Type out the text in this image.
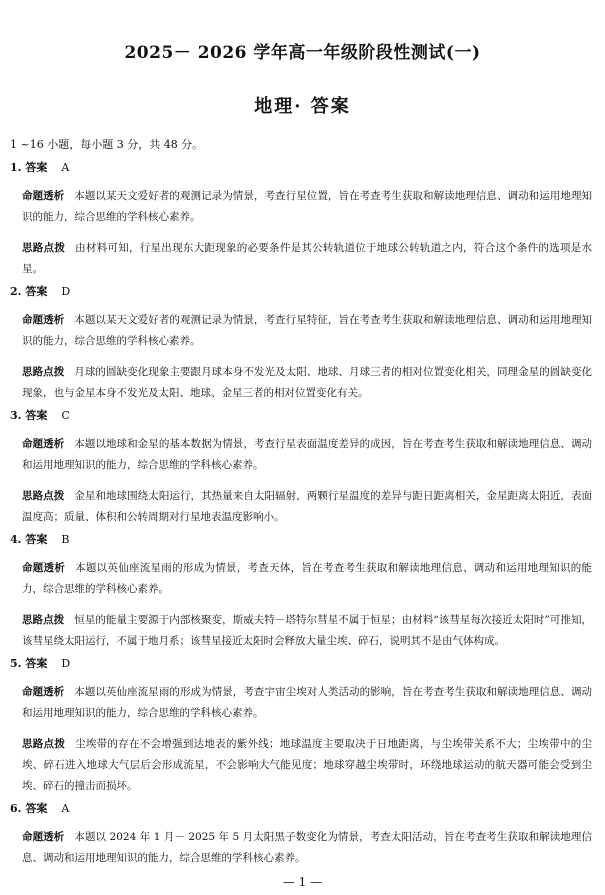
2025－ 2026 学年高一年级阶段性测试(一)
地理· 答案
1 ~16 小题，每小题 3 分，共 48 分。
1. 答案 A

命题透析 本题以某天文爱好者的观测记录为情景，考查行星位置，旨在考查考生获取和解读地理信息、调动和运用地理知识的能力，综合思维的学科核心素养。

思路点拨 由材料可知，行星出现东大距现象的必要条件是其公转轨道位于地球公转轨道之内，符合这个条件的选项是水星。

2. 答案 D

命题透析 本题以某天文爱好者的观测记录为情景，考查行星特征，旨在考查考生获取和解读地理信息、调动和运用地理知识的能力，综合思维的学科核心素养。

思路点拨 月球的圆缺变化现象主要跟月球本身不发光及太阳、地球、月球三者的相对位置变化相关，同理金星的圆缺变化现象，也与金星本身不发光及太阳、地球、金星三者的相对位置变化有关。

3. 答案 C

命题透析 本题以地球和金星的基本数据为情景，考查行星表面温度差异的成因，旨在考查考生获取和解读地理信息、调动和运用地理知识的能力，综合思维的学科核心素养。

思路点拨 金星和地球围绕太阳运行，其热量来自太阳辐射，两颗行星温度的差异与距日距离相关，金星距离太阳近，表面温度高；质量、体积和公转周期对行星地表温度影响小。

4. 答案 B

命题透析 本题以英仙座流星雨的形成为情景，考查天体，旨在考查考生获取和解读地理信息、调动和运用地理知识的能力，综合思维的学科核心素养。

思路点拨 恒星的能量主要源于内部核聚变，斯威夫特－塔特尔彗星不属于恒星；由材料“该彗星每次接近太阳时”可推知，该彗星绕太阳运行，不属于地月系；该彗星接近太阳时会释放大量尘埃、碎石，说明其不是由气体构成。

5. 答案 D

命题透析 本题以英仙座流星雨的形成为情景，考查宇宙尘埃对人类活动的影响，旨在考查考生获取和解读地理信息、调动和运用地理知识的能力，综合思维的学科核心素养。

思路点拨 尘埃带的存在不会增强到达地表的紫外线；地球温度主要取决于日地距离，与尘埃带关系不大；尘埃带中的尘埃、碎石进入地球大气层后会形成流星，不会影响大气能见度；地球穿越尘埃带时，环绕地球运动的航天器可能会受到尘埃、碎石的撞击而损坏。

6. 答案 A

命题透析 本题以 2024 年 1 月－ 2025 年 5 月太阳黑子数变化为情景，考查太阳活动，旨在考查考生获取和解读地理信息、调动和运用地理知识的能力，综合思维的学科核心素养。

— 1 —
